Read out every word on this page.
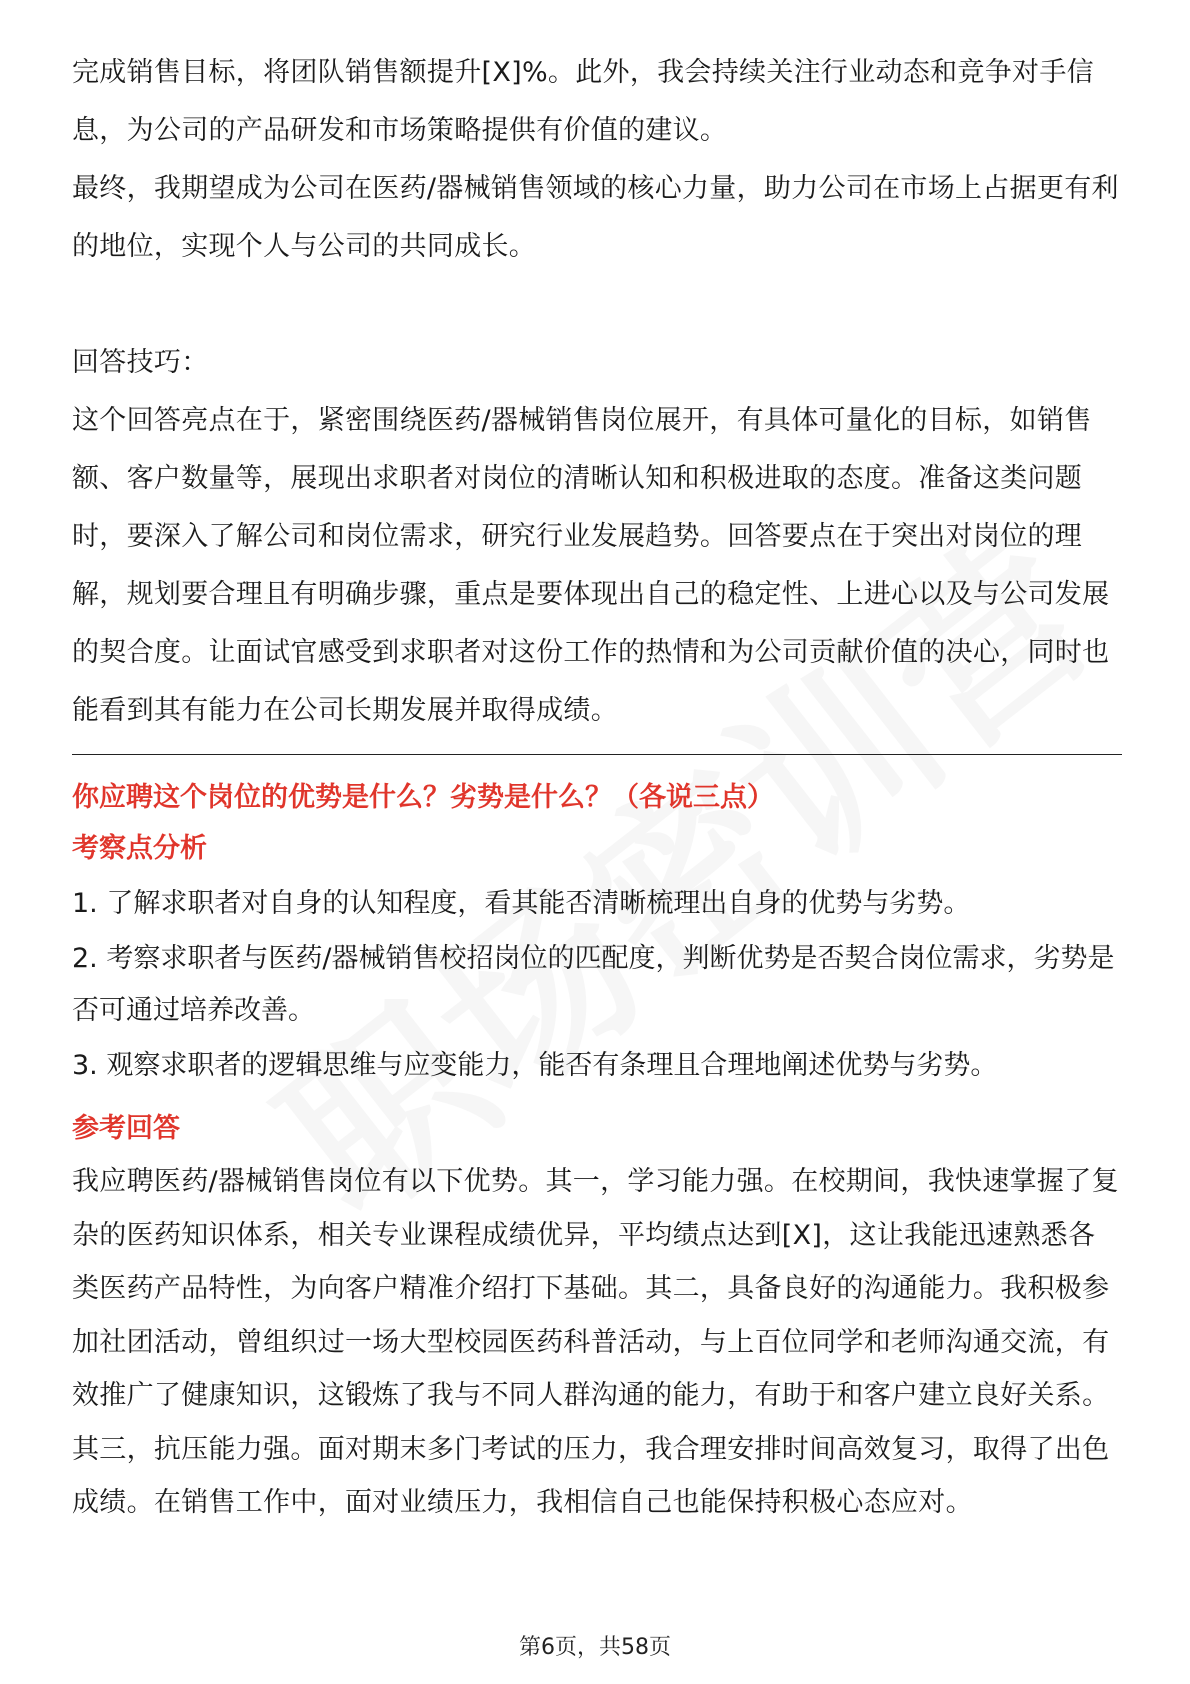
完成销售目标，将团队销售额提升[X]%。此外，我会持续关注行业动态和竞争对手信息，为公司的产品研发和市场策略提供有价值的建议。

最终，我期望成为公司在医药/器械销售领域的核心力量，助力公司在市场上占据更有利的地位，实现个人与公司的共同成长。

回答技巧：

这个回答亮点在于，紧密围绕医药/器械销售岗位展开，有具体可量化的目标，如销售额、客户数量等，展现出求职者对岗位的清晰认知和积极进取的态度。准备这类问题时，要深入了解公司和岗位需求，研究行业发展趋势。回答要点在于突出对岗位的理解，规划要合理且有明确步骤，重点是要体现出自己的稳定性、上进心以及与公司发展的契合度。让面试官感受到求职者对这份工作的热情和为公司贡献价值的决心，同时也能看到其有能力在公司长期发展并取得成绩。

你应聘这个岗位的优势是什么？劣势是什么？（各说三点）

考察点分析

1. 了解求职者对自身的认知程度，看其能否清晰梳理出自身的优势与劣势。

2. 考察求职者与医药/器械销售校招岗位的匹配度，判断优势是否契合岗位需求，劣势是否可通过培养改善。

3. 观察求职者的逻辑思维与应变能力，能否有条理且合理地阐述优势与劣势。

参考回答

我应聘医药/器械销售岗位有以下优势。其一，学习能力强。在校期间，我快速掌握了复杂的医药知识体系，相关专业课程成绩优异，平均绩点达到[X]，这让我能迅速熟悉各类医药产品特性，为向客户精准介绍打下基础。其二，具备良好的沟通能力。我积极参加社团活动，曾组织过一场大型校园医药科普活动，与上百位同学和老师沟通交流，有效推广了健康知识，这锻炼了我与不同人群沟通的能力，有助于和客户建立良好关系。其三，抗压能力强。面对期末多门考试的压力，我合理安排时间高效复习，取得了出色成绩。在销售工作中，面对业绩压力，我相信自己也能保持积极心态应对。

第6页，共58页
